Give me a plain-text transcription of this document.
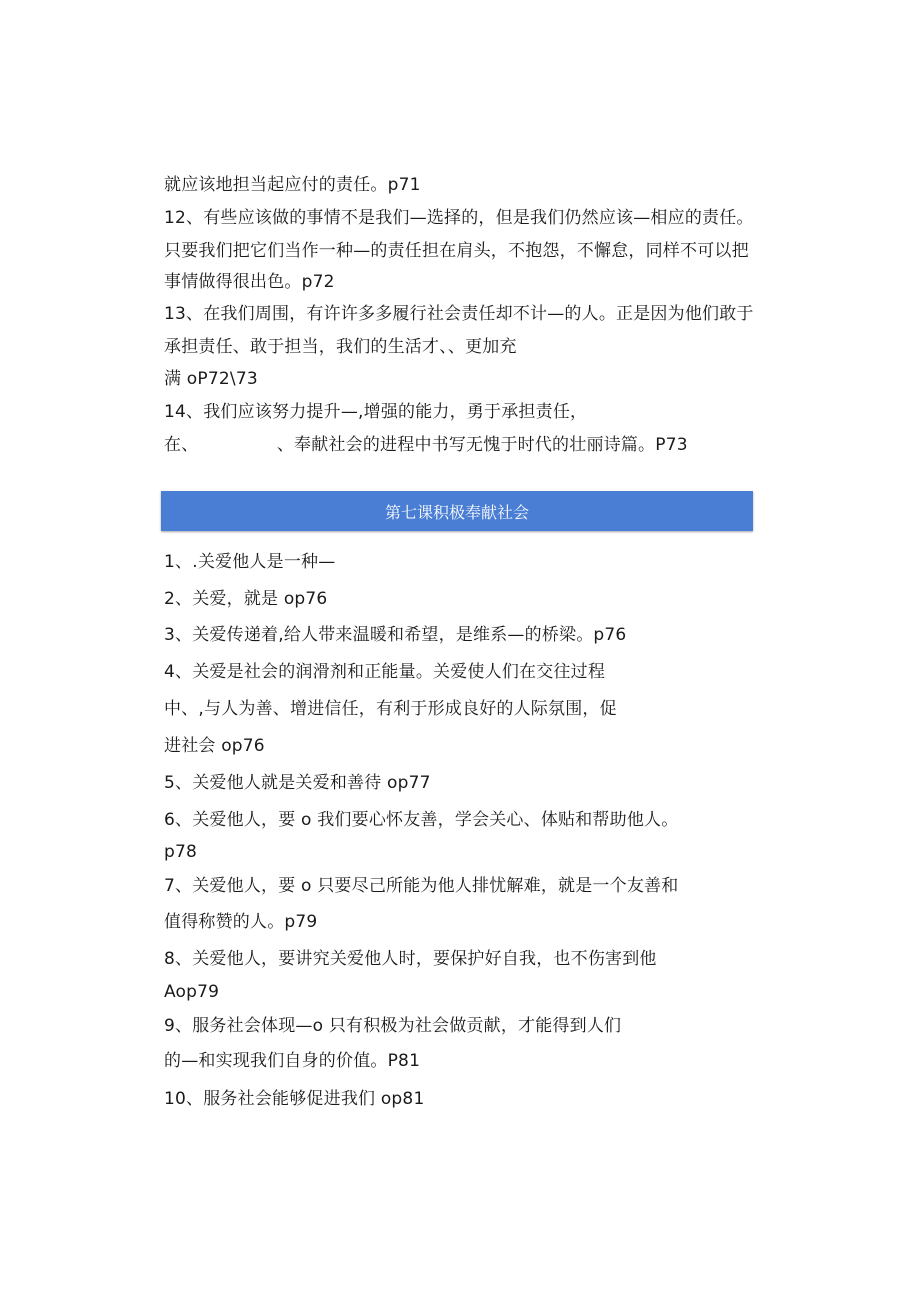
就应该地担当起应付的责任。p71
12、有些应该做的事情不是我们—选择的，但是我们仍然应该—相应的责任。
只要我们把它们当作一种—的责任担在肩头，不抱怨，不懈怠，同样不可以把
事情做得很出色。p72
13、在我们周围，有许许多多履行社会责任却不计—的人。正是因为他们敢于
承担责任、敢于担当，我们的生活才、、更加充
满 oP72\73
14、我们应该努力提升—,增强的能力，勇于承担责任，
在、              、奉献社会的进程中书写无愧于时代的壮丽诗篇。P73
第七课积极奉献社会
1、.关爱他人是一种—
2、关爱，就是 op76
3、关爱传递着,给人带来温暖和希望，是维系—的桥梁。p76
4、关爱是社会的润滑剂和正能量。关爱使人们在交往过程
中、,与人为善、增进信任，有利于形成良好的人际氛围，促
进社会 op76
5、关爱他人就是关爱和善待 op77
6、关爱他人，要 o 我们要心怀友善，学会关心、体贴和帮助他人。
p78
7、关爱他人，要 o 只要尽己所能为他人排忧解难，就是一个友善和
值得称赞的人。p79
8、关爱他人，要讲究关爱他人时，要保护好自我，也不伤害到他
Aop79
9、服务社会体现—o 只有积极为社会做贡献，才能得到人们
的—和实现我们自身的价值。P81
10、服务社会能够促进我们 op81
